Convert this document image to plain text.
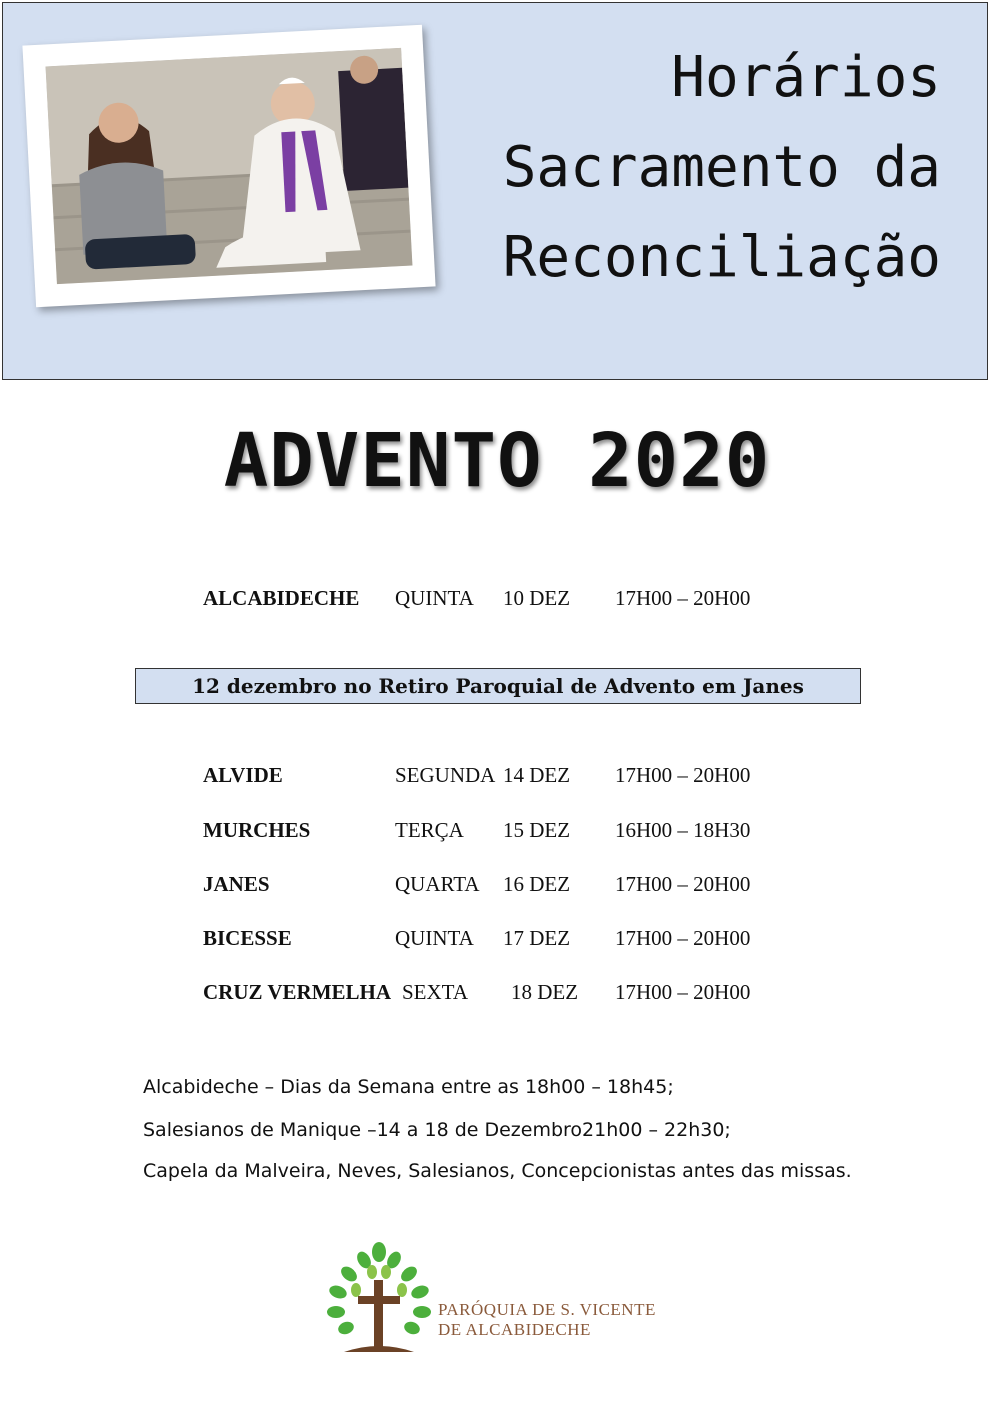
Horários
Sacramento da
Reconciliação
ADVENTO 2020
ALCABIDECHE QUINTA 10 DEZ 17H00 – 20H00
12 dezembro no Retiro Paroquial de Advento em Janes
ALVIDE	SEGUNDA 14 DEZ 17H00 – 20H00
MURCHES	TERÇA 15 DEZ 16H00 – 18H30
JANES	QUARTA 16 DEZ 17H00 – 20H00
BICESSE	QUINTA 17 DEZ 17H00 – 20H00
CRUZ VERMELHA SEXTA 18 DEZ 17H00 – 20H00
Alcabideche – Dias da Semana entre as 18h00 – 18h45;
Salesianos de Manique –14 a 18 de Dezembro21h00 – 22h30;
Capela da Malveira, Neves, Salesianos, Concepcionistas antes das missas.
PARÓQUIA DE S. VICENTE
DE ALCABIDECHE
